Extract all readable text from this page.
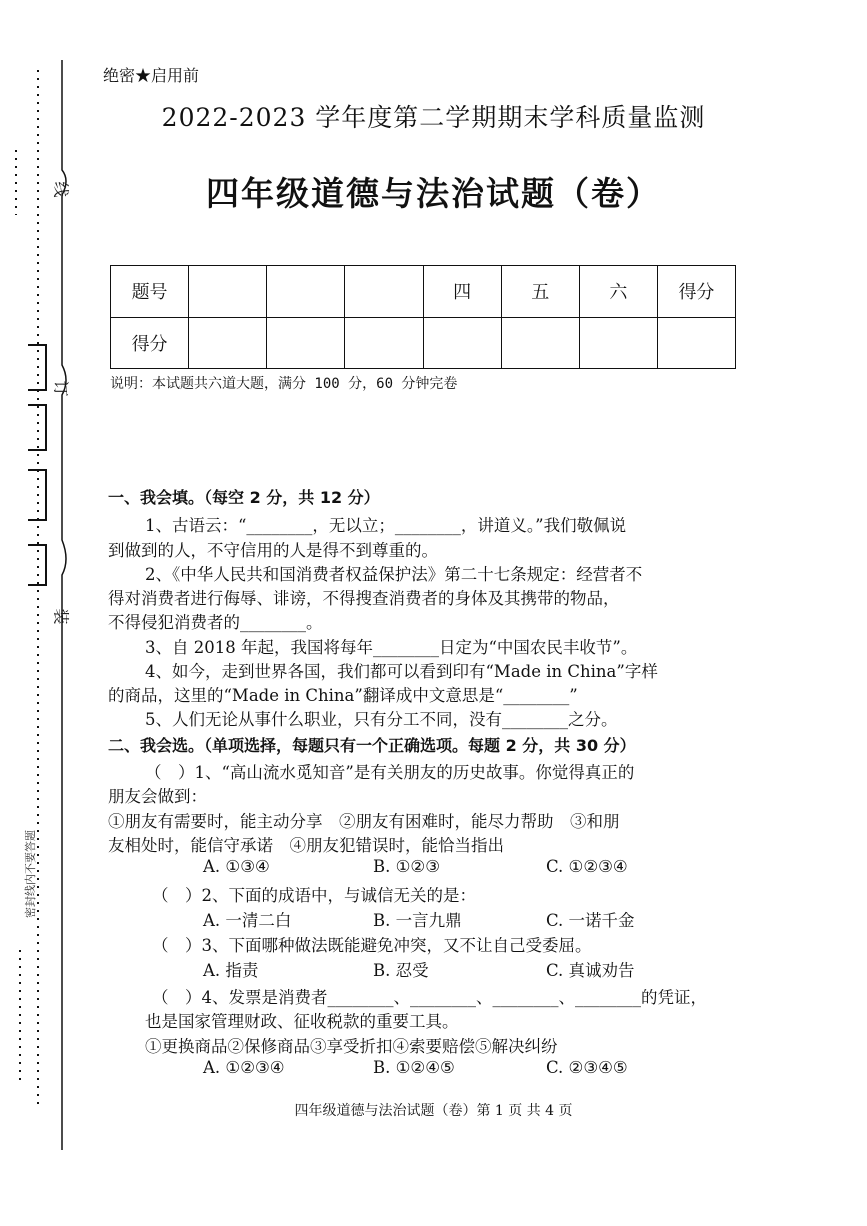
线
订
装
密封线内不要答题
绝密★启用前
2022-2023 学年度第二学期期末学科质量监测
四年级道德与法治试题（卷）
题号				四	五	六	得分
得分							
说明：本试题共六道大题，满分 100 分，60 分钟完卷
一、我会填。（每空 2 分，共 12 分）
1、古语云：“________，无以立；________，讲道义。”我们敬佩说
到做到的人，不守信用的人是得不到尊重的。
2、《中华人民共和国消费者权益保护法》第二十七条规定：经营者不
得对消费者进行侮辱、诽谤，不得搜查消费者的身体及其携带的物品，
不得侵犯消费者的________。
3、自 2018 年起，我国将每年________日定为“中国农民丰收节”。
4、如今，走到世界各国，我们都可以看到印有“Made in China”字样
的商品，这里的“Made in China”翻译成中文意思是“________”
5、人们无论从事什么职业，只有分工不同，没有________之分。
二、我会选。（单项选择，每题只有一个正确选项。每题 2 分，共 30 分）
（　）1、“高山流水觅知音”是有关朋友的历史故事。你觉得真正的
朋友会做到：
①朋友有需要时，能主动分享　②朋友有困难时，能尽力帮助　③和朋
友相处时，能信守承诺　④朋友犯错误时，能恰当指出
A. ①③④	B. ①②③	C. ①②③④
（　）2、下面的成语中，与诚信无关的是：
A. 一清二白	B. 一言九鼎	C. 一诺千金
（　）3、下面哪种做法既能避免冲突，又不让自己受委屈。
A. 指责	B. 忍受	C. 真诚劝告
（　）4、发票是消费者________、________、________、________的凭证，
也是国家管理财政、征收税款的重要工具。
①更换商品②保修商品③享受折扣④索要赔偿⑤解决纠纷
A. ①②③④	B. ①②④⑤	C. ②③④⑤
四年级道德与法治试题（卷）第 1 页 共 4 页
